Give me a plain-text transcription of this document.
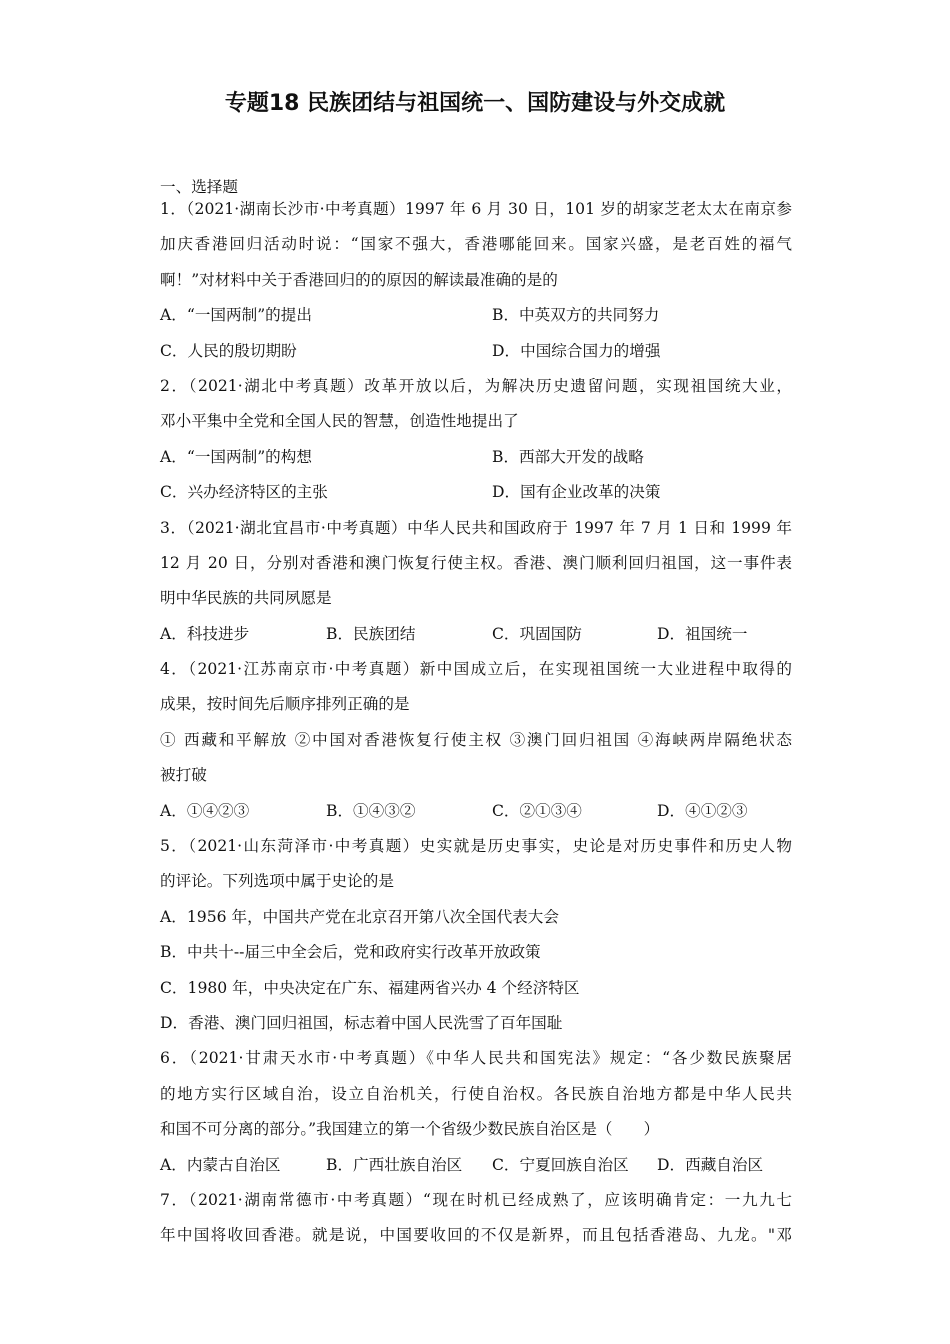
专题18 民族团结与祖国统一、国防建设与外交成就
一、选择题
1．（2021·湖南长沙市·中考真题）1997 年 6 月 30 日，101 岁的胡家芝老太太在南京参
加庆香港回归活动时说：“国家不强大，香港哪能回来。国家兴盛，是老百姓的福气
啊！”对材料中关于香港回归的的原因的解读最准确的是的
A．“一国两制”的提出	B．中英双方的共同努力
C．人民的殷切期盼	D．中国综合国力的增强
2．（2021·湖北中考真题）改革开放以后，为解决历史遗留问题，实现祖国统大业，
邓小平集中全党和全国人民的智慧，创造性地提出了
A．“一国两制”的构想	B．西部大开发的战略
C．兴办经济特区的主张	D．国有企业改革的决策
3．（2021·湖北宜昌市·中考真题）中华人民共和国政府于 1997 年 7 月 1 日和 1999 年
12 月 20 日，分别对香港和澳门恢复行使主权。香港、澳门顺利回归祖国，这一事件表
明中华民族的共同夙愿是
A．科技进步	B．民族团结	C．巩固国防	D．祖国统一
4．（2021·江苏南京市·中考真题）新中国成立后，在实现祖国统一大业进程中取得的
成果，按时间先后顺序排列正确的是
① 西藏和平解放 ②中国对香港恢复行使主权 ③澳门回归祖国 ④海峡两岸隔绝状态
被打破
A．①④②③	B．①④③②	C．②①③④	D．④①②③
5．（2021·山东菏泽市·中考真题）史实就是历史事实，史论是对历史事件和历史人物
的评论。下列选项中属于史论的是
A．1956 年，中国共产党在北京召开第八次全国代表大会
B．中共十--届三中全会后，党和政府实行改革开放政策
C．1980 年，中央决定在广东、福建两省兴办 4 个经济特区
D．香港、澳门回归祖国，标志着中国人民洗雪了百年国耻
6．（2021·甘肃天水市·中考真题）《中华人民共和国宪法》规定：“各少数民族聚居
的地方实行区域自治，设立自治机关，行使自治权。各民族自治地方都是中华人民共
和国不可分离的部分。”我国建立的第一个省级少数民族自治区是（　　）
A．内蒙古自治区	B．广西壮族自治区 C．宁夏回族自治区 D．西藏自治区
7．（2021·湖南常德市·中考真题）“现在时机已经成熟了，应该明确肯定：一九九七
年中国将收回香港。就是说，中国要收回的不仅是新界，而且包括香港岛、九龙。"邓
